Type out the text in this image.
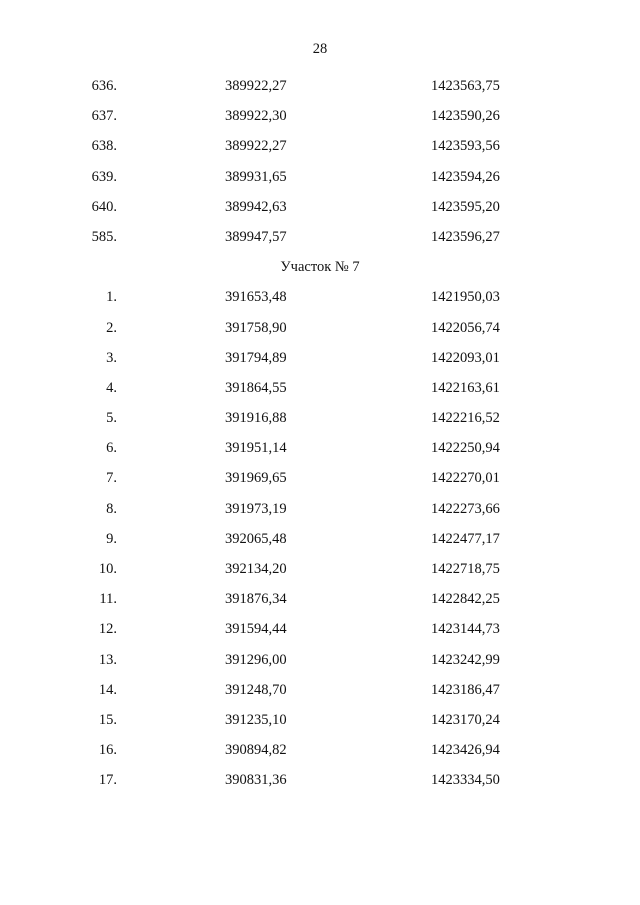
28
636.	389922,27	1423563,75
637.	389922,30	1423590,26
638.	389922,27	1423593,56
639.	389931,65	1423594,26
640.	389942,63	1423595,20
585.	389947,57	1423596,27
Участок № 7
1.	391653,48	1421950,03
2.	391758,90	1422056,74
3.	391794,89	1422093,01
4.	391864,55	1422163,61
5.	391916,88	1422216,52
6.	391951,14	1422250,94
7.	391969,65	1422270,01
8.	391973,19	1422273,66
9.	392065,48	1422477,17
10.	392134,20	1422718,75
11.	391876,34	1422842,25
12.	391594,44	1423144,73
13.	391296,00	1423242,99
14.	391248,70	1423186,47
15.	391235,10	1423170,24
16.	390894,82	1423426,94
17.	390831,36	1423334,50
